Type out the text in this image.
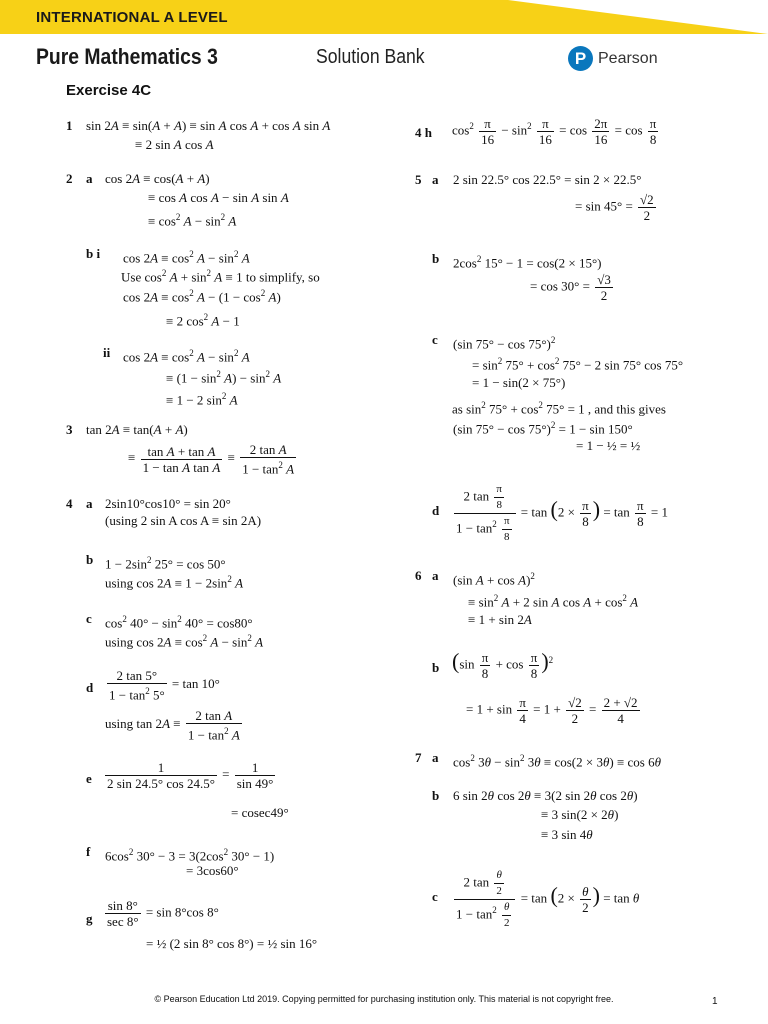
INTERNATIONAL A LEVEL
Pure Mathematics 3	Solution Bank	P Pearson
Exercise 4C
1 sin 2A ≡ sin(A + A) ≡ sin A cos A + cos A sin A
≡ 2 sin A cos A
2 a cos 2A ≡ cos(A + A)
≡ cos A cos A − sin A sin A
≡ $\cos^2 A - \sin^2 A$
b i $\cos 2A \equiv \cos^2 A - \sin^2 A$
Use $\cos^2 A + \sin^2 A \equiv 1$ to simplify, so
$\cos 2A \equiv \cos^2 A - (1 - \cos^2 A)$
≡ 2 $\cos^2 A - 1$
ii $\cos 2A \equiv \cos^2 A - \sin^2 A$
≡ $(1 - \sin^2 A) - \sin^2 A$
≡ 1 − 2 $\sin^2 A$
3 tan 2A ≡ tan(A + A)
≡ $\frac{\text{tan A + tan A}}{\text{1 − tan A tan A}} \equiv \frac{\text{2 tan A}}{1 - \tan^2 A}$
4 a 2sin10°cos10° = sin 20°
(using 2 sin A cos A ≡ sin 2A)
b $1 - 2\sin^2$ 25° = cos 50°
using $\cos 2A \equiv 1 - 2\sin^2$ A
c $\cos^2 40^\circ - \sin^2 40^\circ = \cos 80^\circ$
using $\cos 2A \equiv \cos^2 A - \sin^2 A$
d $\frac{2 \tan 5^\circ}{1 - \tan^2 5^\circ} = \tan 10^\circ$
using $\tan 2A \equiv \frac{\text{2 tan A}}{1 - \tan^2 A}$
e $\frac{1}{2 \sin 24.5^\circ \cos 24.5^\circ} = \frac{1}{\sin 49^\circ}$
= cosec49°
f $6\cos^2$ $30^\circ - 3 = 3(2\cos^2$ 30° − 1)
= 3cos60°
g
sin 8°
sec 8°
= sin 8°cos 8°
= ½ (2 sin 8° cos 8°) = ½ sin 16°
4 h $\cos^2 \frac{\pi}{16} - \sin^2 \frac{\pi}{16} = \cos \frac{2\pi}{16} = \cos \frac{\pi}{8}$
5 a 2 sin 22.5° cos 22.5° = sin 2 × 22.5°
= $\sin 45^\circ = \frac{√2}{2}$
b $2\cos^2$ 15° − 1 = cos(2 × 15°)
= $\cos 30^\circ = \frac{√3}{2}$
c (sin 75° − cos 75°)$^2$
= $\sin^2 75^\circ + \cos^2 75^\circ - 2$ sin 75° cos 75°
= 1 − sin(2 × 75°)
as $\sin^2 75^\circ + \cos^2 75^\circ = 1$ , and this gives
(sin 75° − cos 75°)$^2$ = 1 − sin 150°
= 1 − ½ = ½
d $\frac{2 \tan \frac{\pi}{8}}{1 - \tan^2 \frac{\pi}{8}} = \tan (2 \times \frac{\pi}{8}$ ) = $\tan \frac{\pi}{8} = 1$
6 a (sin A + cos A)$^2$
≡ $\sin^2 A + 2$ sin A $\cos A + \cos^2 A$
≡ 1 + sin 2A
b $(\sin \frac{\pi}{8} + \cos \frac{\pi}{8} )^2$
= $1 + \sin \frac{\pi}{4} = 1 + \frac{√2}{2} = \frac{2 + √2}{4}$
7 a $\cos^2 3\theta - \sin^2 3\theta \equiv \cos(2 \times 3\theta) \equiv \cos 6\theta$
b 6 sin 2θ cos 2θ ≡ 3(2 sin 2θ cos 2θ)
≡ 3 sin(2 × 2θ)
≡ 3 sin 4θ
c $\frac{2 \tan \frac{\theta}{2}}{1 - \tan^2 \frac{\theta}{2}} = \tan (2 \times \frac{\theta}{2}$ ) = tan θ
© Pearson Education Ltd 2019. Copying permitted for purchasing institution only. This material is not copyright free.	1
